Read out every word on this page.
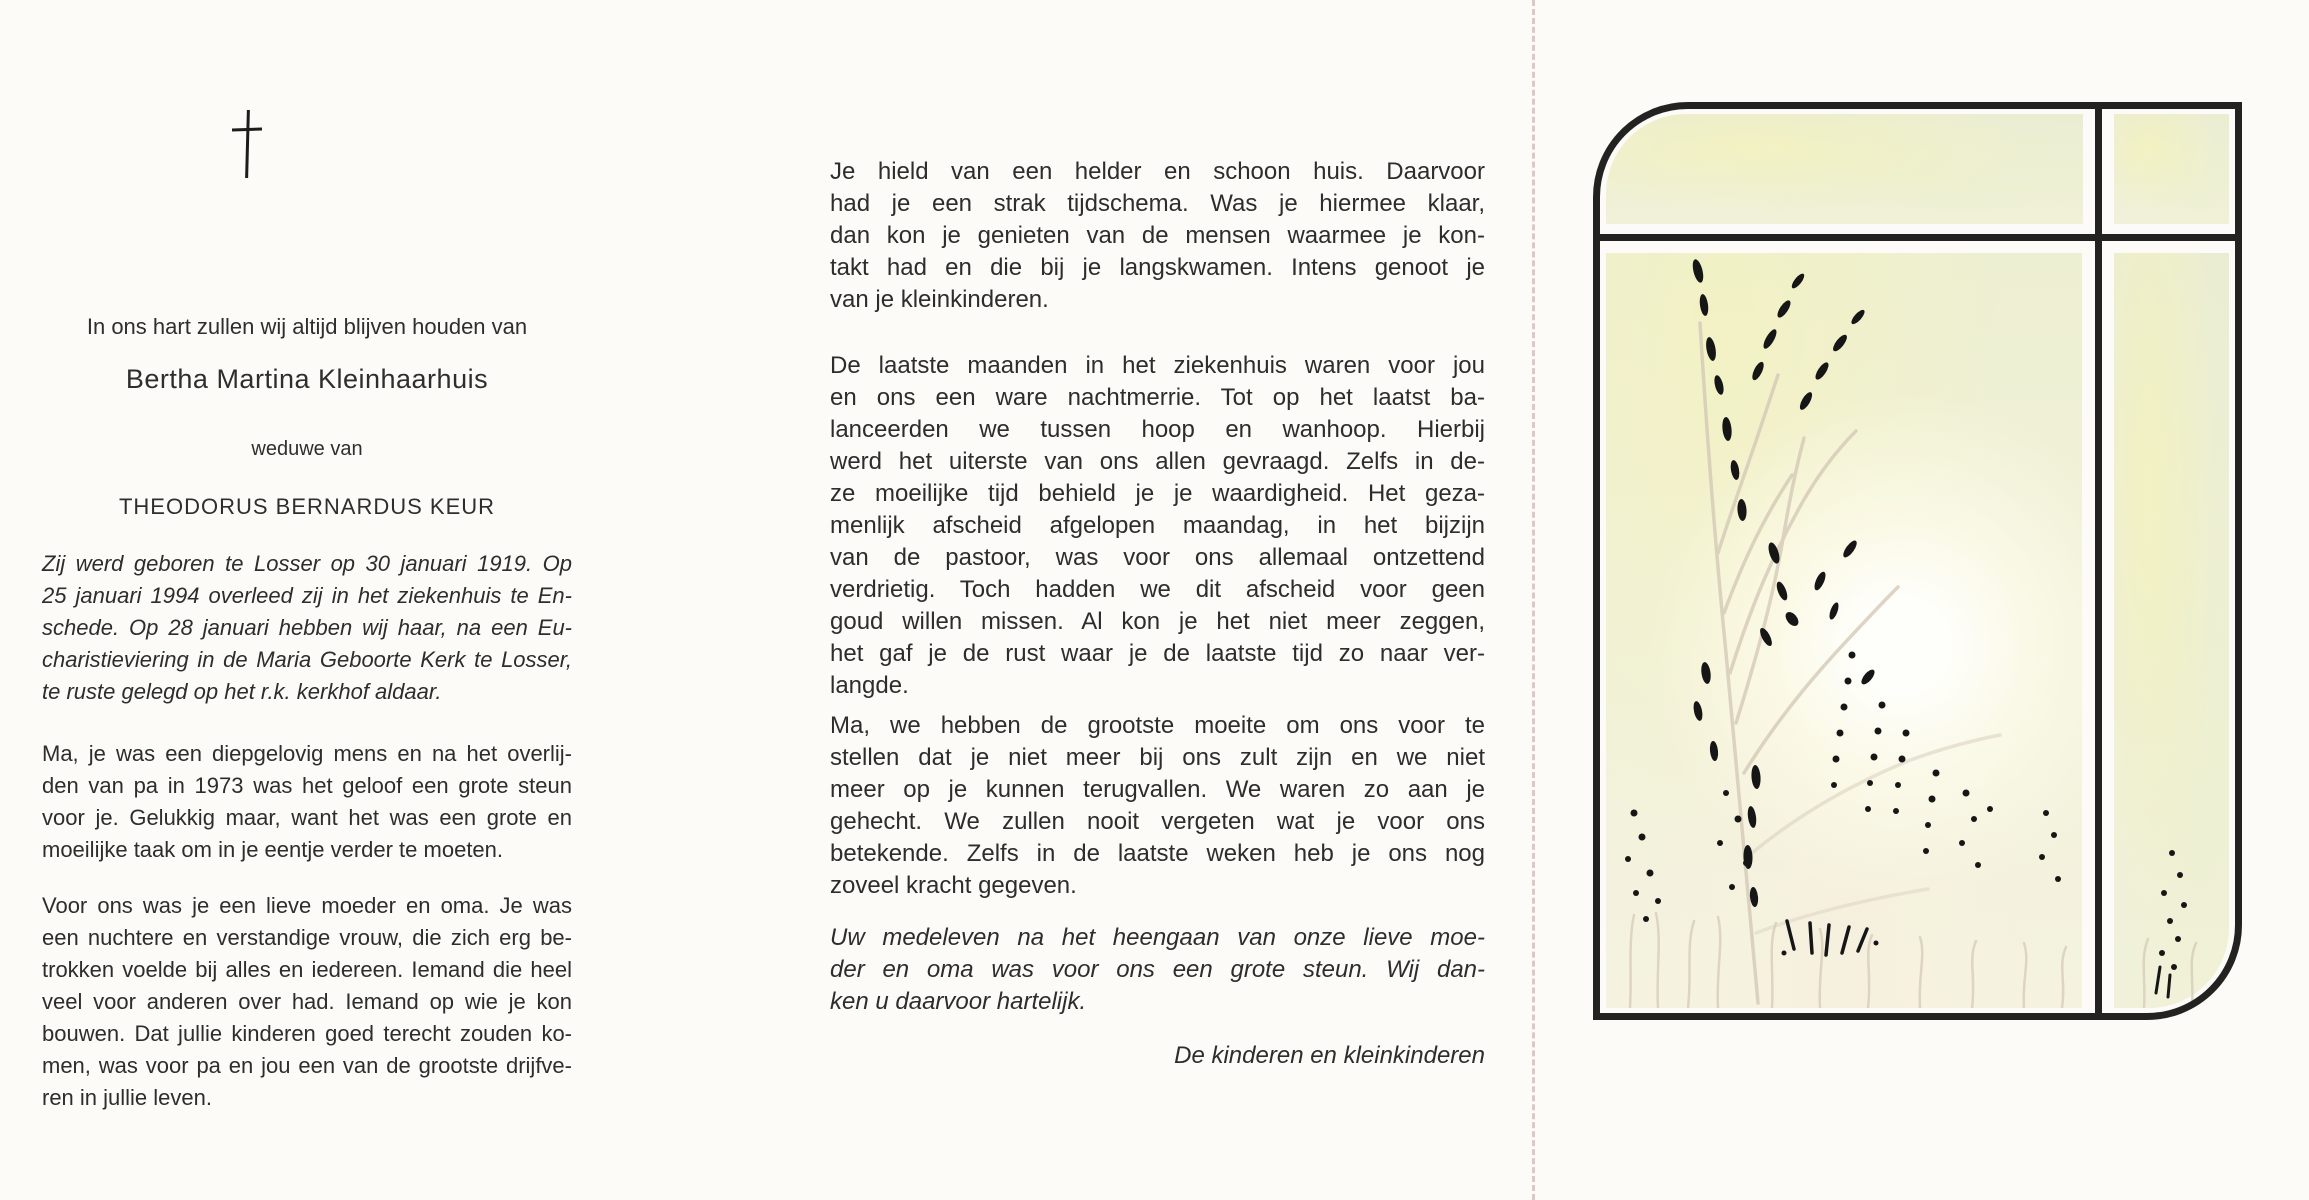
In ons hart zullen wij altijd blijven houden van
Bertha Martina Kleinhaarhuis
weduwe van
THEODORUS BERNARDUS KEUR
Zij werd geboren te Losser op 30 januari 1919. Op
25 januari 1994 overleed zij in het ziekenhuis te En-
schede. Op 28 januari hebben wij haar, na een Eu-
charistieviering in de Maria Geboorte Kerk te Losser,
te ruste gelegd op het r.k. kerkhof aldaar.
Ma, je was een diepgelovig mens en na het overlij-
den van pa in 1973 was het geloof een grote steun
voor je. Gelukkig maar, want het was een grote en
moeilijke taak om in je eentje verder te moeten.
Voor ons was je een lieve moeder en oma. Je was
een nuchtere en verstandige vrouw, die zich erg be-
trokken voelde bij alles en iedereen. Iemand die heel
veel voor anderen over had. Iemand op wie je kon
bouwen. Dat jullie kinderen goed terecht zouden ko-
men, was voor pa en jou een van de grootste drijfve-
ren in jullie leven.
Je hield van een helder en schoon huis. Daarvoor
had je een strak tijdschema. Was je hiermee klaar,
dan kon je genieten van de mensen waarmee je kon-
takt had en die bij je langskwamen. Intens genoot je
van je kleinkinderen.
De laatste maanden in het ziekenhuis waren voor jou
en ons een ware nachtmerrie. Tot op het laatst ba-
lanceerden we tussen hoop en wanhoop. Hierbij
werd het uiterste van ons allen gevraagd. Zelfs in de-
ze moeilijke tijd behield je je waardigheid. Het geza-
menlijk afscheid afgelopen maandag, in het bijzijn
van de pastoor, was voor ons allemaal ontzettend
verdrietig. Toch hadden we dit afscheid voor geen
goud willen missen. Al kon je het niet meer zeggen,
het gaf je de rust waar je de laatste tijd zo naar ver-
langde.
Ma, we hebben de grootste moeite om ons voor te
stellen dat je niet meer bij ons zult zijn en we niet
meer op je kunnen terugvallen. We waren zo aan je
gehecht. We zullen nooit vergeten wat je voor ons
betekende. Zelfs in de laatste weken heb je ons nog
zoveel kracht gegeven.
Uw medeleven na het heengaan van onze lieve moe-
der en oma was voor ons een grote steun. Wij dan-
ken u daarvoor hartelijk.
De kinderen en kleinkinderen
